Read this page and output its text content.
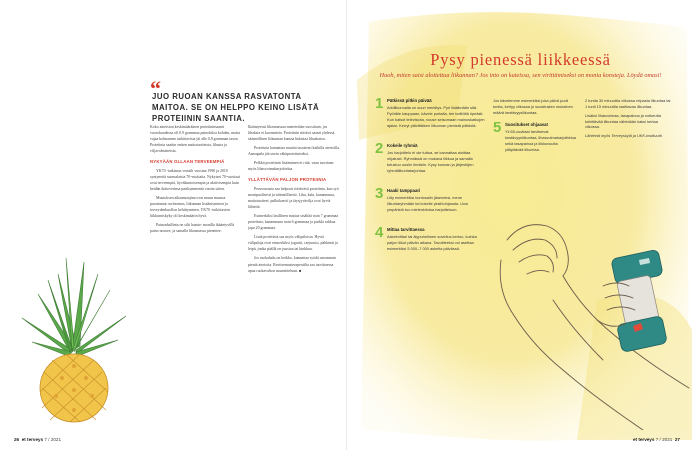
“
JUO RUOAN KANSSA RASVATONTA MAITOA. SE ON HELPPO KEINO LISÄTÄ PROTEIININ SAANTIA.

Koko aineiston keskimääräinen proteiininsaanti vuorokaudessa oli 0,9 grammaa painokiloa kohden, mutta vajaa kolmannes tutkittavista jäi alle 0,8 gramman tason. Proteiinia saatiin eniten maitotuotteista, lihasta ja viljavalmisteista.

NYKYÄÄN OLLAAN TERVEEMPIÄ

YK70 -tutkimus vertaili vuosina 1990 ja 2010 syntyneitä suomalaisia 70-vuotiaita. Nykyiset 70-vuotiaat ovat terveempiä, hyväkuntoisempia ja aktiivisempia kuin heidän ikätoverinsa parikymmentä vuotta sitten.

Muutoksen aikaansaajina ovat muun muassa parantunut ravitsemus, liikunnan lisääntyminen ja terveydenhuollon kehittyminen. YK70 -tutkittavien liikkumiskyky oli keskimäärin hyvä.

Painonhallinta on silti haaste: monilla ikääntyvillä paino nousee, ja samalla lihasmassa pienenee.

Ikääntyessä lihasmassaa menetetään vuosittain, jos lihaksia ei kuormiteta. Proteiinin riittävä saanti yhdessä säännöllisen liikunnan kanssa hidastaa lihaskatoa.

Proteiinia kannattaa nauttia tasaisesti kaikilla aterioilla. Aamupala jää usein vähäproteiiniseksi.

Pelkkä proteiinin lisääminen ei riitä, vaan tarvitaan myös lihasvoimaharjoittelua.

YLLÄTTÄVÄN PALJON PROTEIINIA

Perusruoasta saa helposti riittävästi proteiinia, kun syö monipuolisesti ja säännöllisesti. Liha, kala, kananmuna, maitotuotteet, palkokasvit ja täysjyvävilja ovat hyviä lähteitä.

Esimerkiksi lasillinen maitoa sisältää noin 7 grammaa proteiinia, kananmuna noin 6 grammaa ja purkki rahkaa jopa 20 grammaa.

Lisää proteiinia saa myös välipaloista. Hyviä välipaloja ovat esimerkiksi jogurtti, raejuusto, pähkinät ja leipä, jonka päällä on juustoa tai kinkkua.

Jos ruokahalu on heikko, kannattaa syödä useammin pieniä aterioita. Ravitsemusterapeutilta saa tarvittaessa apua ruokavalion suunnitteluun. ■

26 et terveys 7 / 2021
Pysy pienessä liikkeessä
Huoh, miten saisi aloitettua liikunnan? Jos into on kateissa, sen virittämiseksi on monia konsteja. Löydä omasi!
1 Pätkissä pitkin päivää

Arkiliikunnalla on suuri merkitys. Pyri lisäämään sitä. Pyöräile kauppaan, kävele portaita, tee kotitöitä ripeästi. Kun katsot televisiota, nouse seisomaan mainoskatkojen ajaksi. Kerryt päivittäisen liikunnan pienistä pätkistä.

2 Kokeile ryhmiä

Jos harjoittelu ei ole tuttua, se kannattaa aloittaa ohjatusti. Ryhmässä on mukava liikkua ja samalla tutustuu uusiin ihmisiin. Kysy kunnan ja järjestöjen ryhmäliikuntatarjontaa.

3 Haaki tamppaari

Liity esimerkiksi kuntosalin jäseneksi, mene liikuntaryhmään tai kokeile yksilöohjausta. Uusi ympäristö tuo mielenkiintoa harjoitteluun.

4 Mittaa tarvittaessa

Askelmittari tai älypuhelimen sovellus kertoo, kuinka paljon liikut päivän aikana. Tavoitteeksi voi asettaa esimerkiksi 5 000–7 000 askelta päivässä.

Jos kävelemme esimerkiksi joka päivä puoli tuntia, kertyy viikossa jo suositusten mukainen määrä kestävyysliikuntaa.

5 Suositukset ohjaavat

Yli 65-vuotiaat tarvitsevat kestävyysliikuntaa, lihasvoimaharjoittelua sekä tasapainoa ja liikkuvuutta ylläpitävää liikuntaa.

2 tuntia 30 minuuttia viikossa reipasta liikuntaa tai 1 tunti 15 minuuttia rasittavaa liikuntaa.

Lisäksi lihasvoimaa, tasapainoa ja notkeutta kehittävää liikuntaa vähintään kaksi kertaa viikossa.

Lähteinä myös Terveyskylä ja UKK-instituutti.

et terveys 7 / 2021 27
